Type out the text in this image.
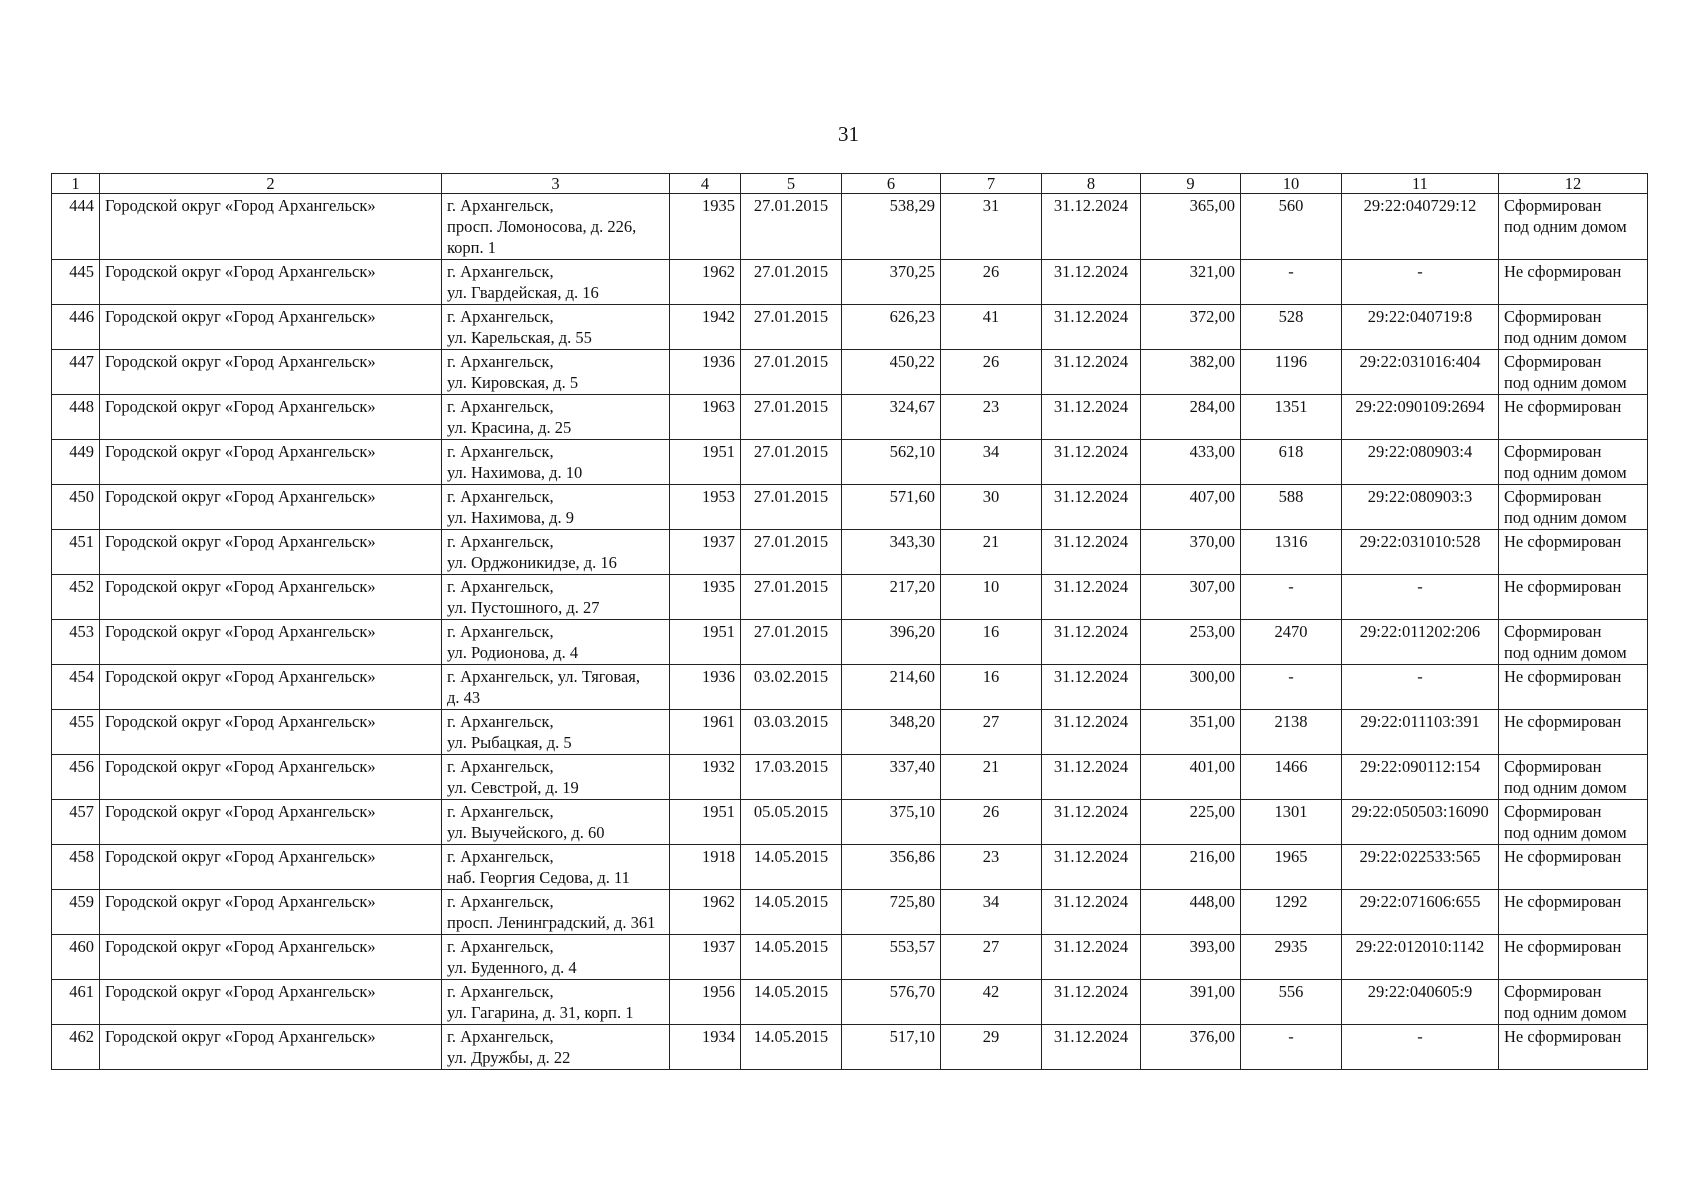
31
1	2	3	4	5	6	7	8	9	10	11	12
444	Городской округ «Город Архангельск»	г. Архангельск,
просп. Ломоносова, д. 226,
корп. 1	1935	27.01.2015	538,29	31	31.12.2024	365,00	560	29:22:040729:12	Сформирован
под одним домом
445	Городской округ «Город Архангельск»	г. Архангельск,
ул. Гвардейская, д. 16	1962	27.01.2015	370,25	26	31.12.2024	321,00	-	-	Не сформирован
446	Городской округ «Город Архангельск»	г. Архангельск,
ул. Карельская, д. 55	1942	27.01.2015	626,23	41	31.12.2024	372,00	528	29:22:040719:8	Сформирован
под одним домом
447	Городской округ «Город Архангельск»	г. Архангельск,
ул. Кировская, д. 5	1936	27.01.2015	450,22	26	31.12.2024	382,00	1196	29:22:031016:404	Сформирован
под одним домом
448	Городской округ «Город Архангельск»	г. Архангельск,
ул. Красина, д. 25	1963	27.01.2015	324,67	23	31.12.2024	284,00	1351	29:22:090109:2694	Не сформирован
449	Городской округ «Город Архангельск»	г. Архангельск,
ул. Нахимова, д. 10	1951	27.01.2015	562,10	34	31.12.2024	433,00	618	29:22:080903:4	Сформирован
под одним домом
450	Городской округ «Город Архангельск»	г. Архангельск,
ул. Нахимова, д. 9	1953	27.01.2015	571,60	30	31.12.2024	407,00	588	29:22:080903:3	Сформирован
под одним домом
451	Городской округ «Город Архангельск»	г. Архангельск,
ул. Орджоникидзе, д. 16	1937	27.01.2015	343,30	21	31.12.2024	370,00	1316	29:22:031010:528	Не сформирован
452	Городской округ «Город Архангельск»	г. Архангельск,
ул. Пустошного, д. 27	1935	27.01.2015	217,20	10	31.12.2024	307,00	-	-	Не сформирован
453	Городской округ «Город Архангельск»	г. Архангельск,
ул. Родионова, д. 4	1951	27.01.2015	396,20	16	31.12.2024	253,00	2470	29:22:011202:206	Сформирован
под одним домом
454	Городской округ «Город Архангельск»	г. Архангельск, ул. Тяговая,
д. 43	1936	03.02.2015	214,60	16	31.12.2024	300,00	-	-	Не сформирован
455	Городской округ «Город Архангельск»	г. Архангельск,
ул. Рыбацкая, д. 5	1961	03.03.2015	348,20	27	31.12.2024	351,00	2138	29:22:011103:391	Не сформирован
456	Городской округ «Город Архангельск»	г. Архангельск,
ул. Севстрой, д. 19	1932	17.03.2015	337,40	21	31.12.2024	401,00	1466	29:22:090112:154	Сформирован
под одним домом
457	Городской округ «Город Архангельск»	г. Архангельск,
ул. Выучейского, д. 60	1951	05.05.2015	375,10	26	31.12.2024	225,00	1301	29:22:050503:16090	Сформирован
под одним домом
458	Городской округ «Город Архангельск»	г. Архангельск,
наб. Георгия Седова, д. 11	1918	14.05.2015	356,86	23	31.12.2024	216,00	1965	29:22:022533:565	Не сформирован
459	Городской округ «Город Архангельск»	г. Архангельск,
просп. Ленинградский, д. 361	1962	14.05.2015	725,80	34	31.12.2024	448,00	1292	29:22:071606:655	Не сформирован
460	Городской округ «Город Архангельск»	г. Архангельск,
ул. Буденного, д. 4	1937	14.05.2015	553,57	27	31.12.2024	393,00	2935	29:22:012010:1142	Не сформирован
461	Городской округ «Город Архангельск»	г. Архангельск,
ул. Гагарина, д. 31, корп. 1	1956	14.05.2015	576,70	42	31.12.2024	391,00	556	29:22:040605:9	Сформирован
под одним домом
462	Городской округ «Город Архангельск»	г. Архангельск,
ул. Дружбы, д. 22	1934	14.05.2015	517,10	29	31.12.2024	376,00	-	-	Не сформирован
